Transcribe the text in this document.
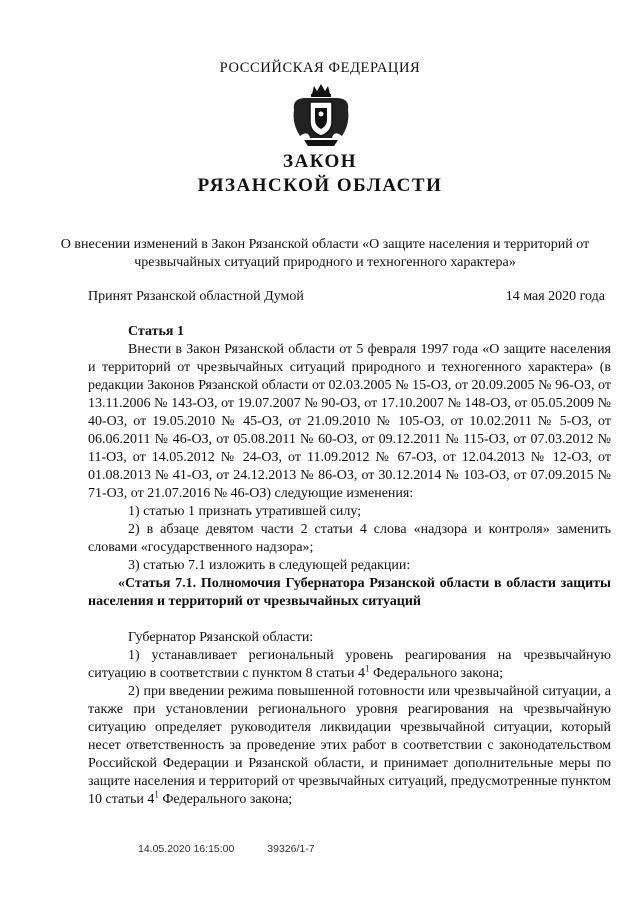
РОССИЙСКАЯ ФЕДЕРАЦИЯ
ЗАКОН
РЯЗАНСКОЙ ОБЛАСТИ
О внесении изменений в Закон Рязанской области «О защите населения и территорий от чрезвычайных ситуаций природного и техногенного характера»
Принят Рязанской областной Думой	14 мая 2020 года

Статья 1

Внести в Закон Рязанской области от 5 февраля 1997 года «О защите населения и территорий от чрезвычайных ситуаций природного и техногенного характера» (в редакции Законов Рязанской области от 02.03.2005 № 15-ОЗ, от 20.09.2005 № 96-ОЗ, от 13.11.2006 № 143-ОЗ, от 19.07.2007 № 90-ОЗ, от 17.10.2007 № 148-ОЗ, от 05.05.2009 № 40-ОЗ, от 19.05.2010 № 45-ОЗ, от 21.09.2010 № 105-ОЗ, от 10.02.2011 № 5-ОЗ, от 06.06.2011 № 46-ОЗ, от 05.08.2011 № 60-ОЗ, от 09.12.2011 № 115-ОЗ, от 07.03.2012 № 11-ОЗ, от 14.05.2012 № 24-ОЗ, от 11.09.2012 № 67-ОЗ, от 12.04.2013 № 12-ОЗ, от 01.08.2013 № 41-ОЗ, от 24.12.2013 № 86-ОЗ, от 30.12.2014 № 103-ОЗ, от 07.09.2015 № 71-ОЗ, от 21.07.2016 № 46-ОЗ) следующие изменения:

1) статью 1 признать утратившей силу;

2) в абзаце девятом части 2 статьи 4 слова «надзора и контроля» заменить словами «государственного надзора»;

3) статью 7.1 изложить в следующей редакции:

«Статья 7.1. Полномочия Губернатора Рязанской области в области защиты населения и территорий от чрезвычайных ситуаций

Губернатор Рязанской области:

1) устанавливает региональный уровень реагирования на чрезвычайную ситуацию в соответствии с пунктом 8 статьи $4^1$ Федерального закона;

2) при введении режима повышенной готовности или чрезвычайной ситуации, а также при установлении регионального уровня реагирования на чрезвычайную ситуацию определяет руководителя ликвидации чрезвычайной ситуации, который несет ответственность за проведение этих работ в соответствии с законодательством Российской Федерации и Рязанской области, и принимает дополнительные меры по защите населения и территорий от чрезвычайных ситуаций, предусмотренные пунктом 10 статьи $4^1$ Федерального закона;

14.05.2020 16:15:00	39326/1-7
